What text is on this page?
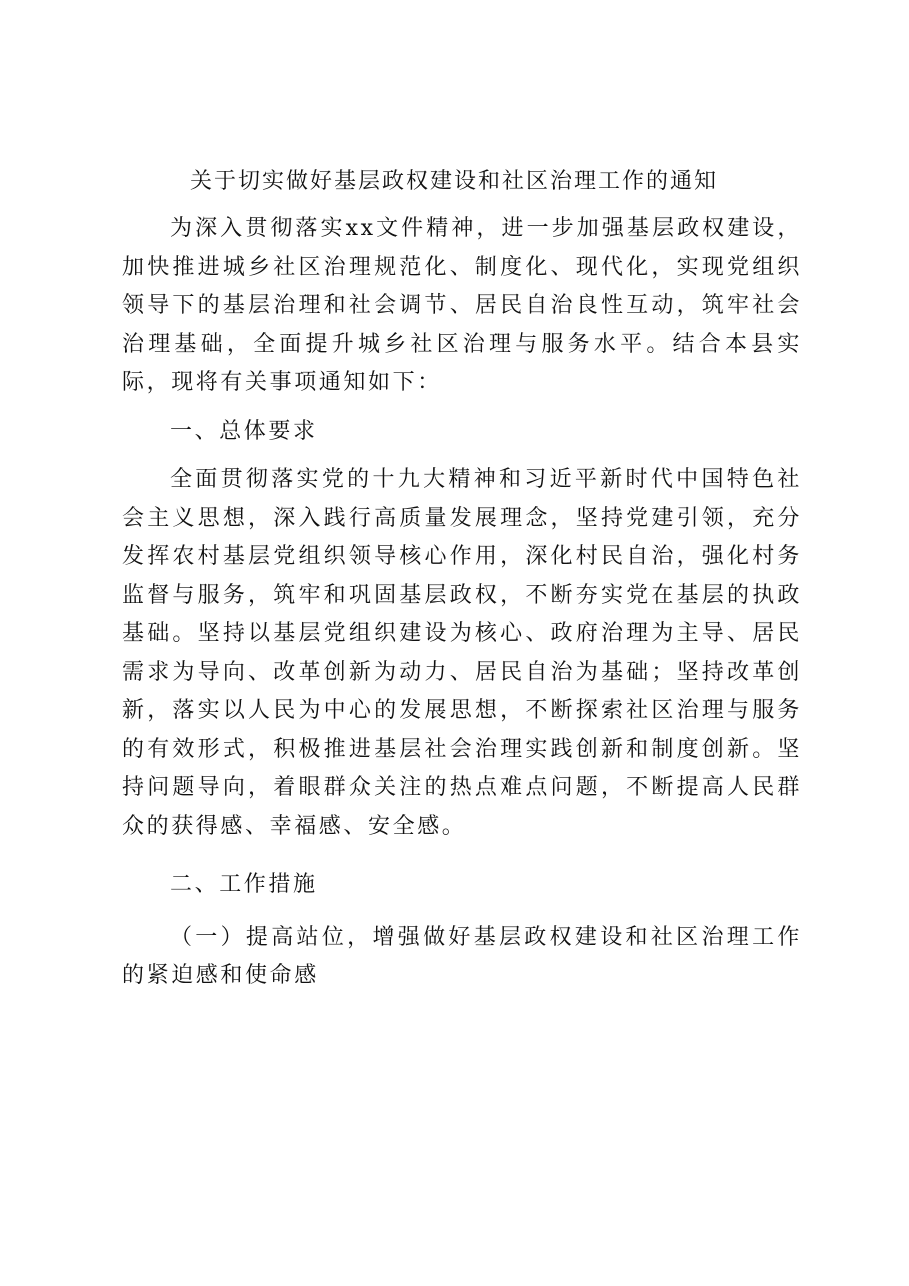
关于切实做好基层政权建设和社区治理工作的通知

为深入贯彻落实xx文件精神，进一步加强基层政权建设，加快推进城乡社区治理规范化、制度化、现代化，实现党组织领导下的基层治理和社会调节、居民自治良性互动，筑牢社会治理基础，全面提升城乡社区治理与服务水平。结合本县实际，现将有关事项通知如下：

一、总体要求

全面贯彻落实党的十九大精神和习近平新时代中国特色社会主义思想，深入践行高质量发展理念，坚持党建引领，充分发挥农村基层党组织领导核心作用，深化村民自治，强化村务监督与服务，筑牢和巩固基层政权，不断夯实党在基层的执政基础。坚持以基层党组织建设为核心、政府治理为主导、居民需求为导向、改革创新为动力、居民自治为基础；坚持改革创新，落实以人民为中心的发展思想，不断探索社区治理与服务的有效形式，积极推进基层社会治理实践创新和制度创新。坚持问题导向，着眼群众关注的热点难点问题，不断提高人民群众的获得感、幸福感、安全感。

二、工作措施

（一）提高站位，增强做好基层政权建设和社区治理工作的紧迫感和使命感
